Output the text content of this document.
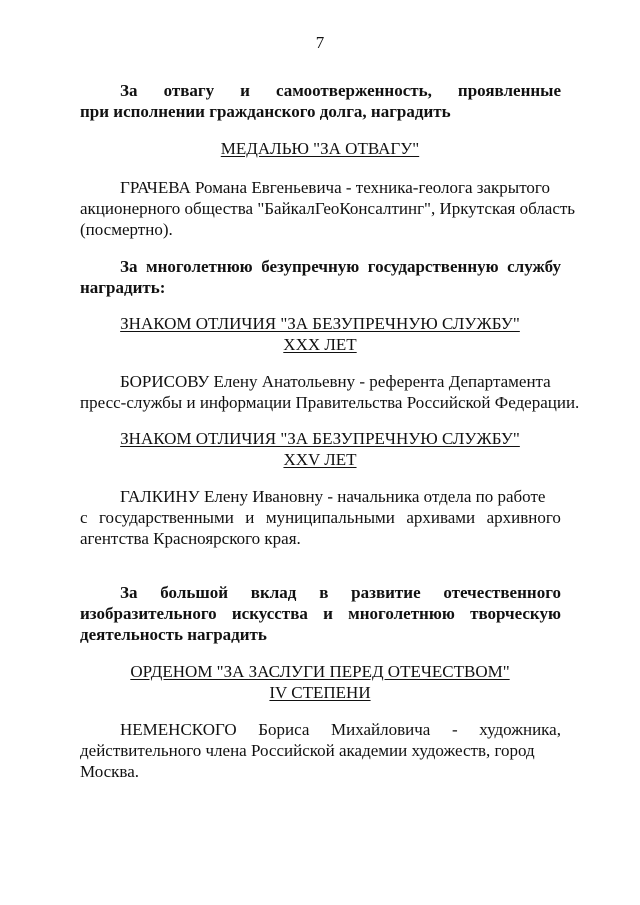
7
За отвагу и самоотверженность, проявленные
при исполнении гражданского долга, наградить
МЕДАЛЬЮ "ЗА ОТВАГУ"
ГРАЧЕВА Романа Евгеньевича - техника-геолога закрытого
акционерного общества "БайкалГеоКонсалтинг", Иркутская область
(посмертно).
За многолетнюю безупречную государственную службу
наградить:
ЗНАКОМ ОТЛИЧИЯ "ЗА БЕЗУПРЕЧНУЮ СЛУЖБУ"
XXX ЛЕТ
БОРИСОВУ Елену Анатольевну - референта Департамента
пресс-службы и информации Правительства Российской Федерации.
ЗНАКОМ ОТЛИЧИЯ "ЗА БЕЗУПРЕЧНУЮ СЛУЖБУ"
XXV ЛЕТ
ГАЛКИНУ Елену Ивановну - начальника отдела по работе
с государственными и муниципальными архивами архивного
агентства Красноярского края.
За большой вклад в развитие отечественного
изобразительного искусства и многолетнюю творческую
деятельность наградить
ОРДЕНОМ "ЗА ЗАСЛУГИ ПЕРЕД ОТЕЧЕСТВОМ"
IV СТЕПЕНИ
НЕМЕНСКОГО Бориса Михайловича - художника,
действительного члена Российской академии художеств, город
Москва.
